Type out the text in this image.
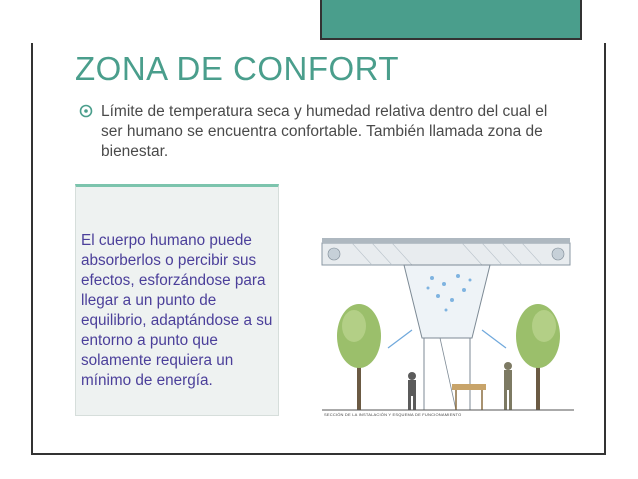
ZONA DE CONFORT
Límite de temperatura seca y humedad relativa dentro del cual el ser humano se encuentra confortable. También llamada zona de bienestar.
El cuerpo humano puede absorberlos o percibir sus efectos, esforzándose para llegar a un punto de equilibrio, adaptándose a su entorno a punto que solamente requiera un mínimo de energía.
SECCIÓN DE LA INSTALACIÓN Y ESQUEMA DE FUNCIONAMIENTO
